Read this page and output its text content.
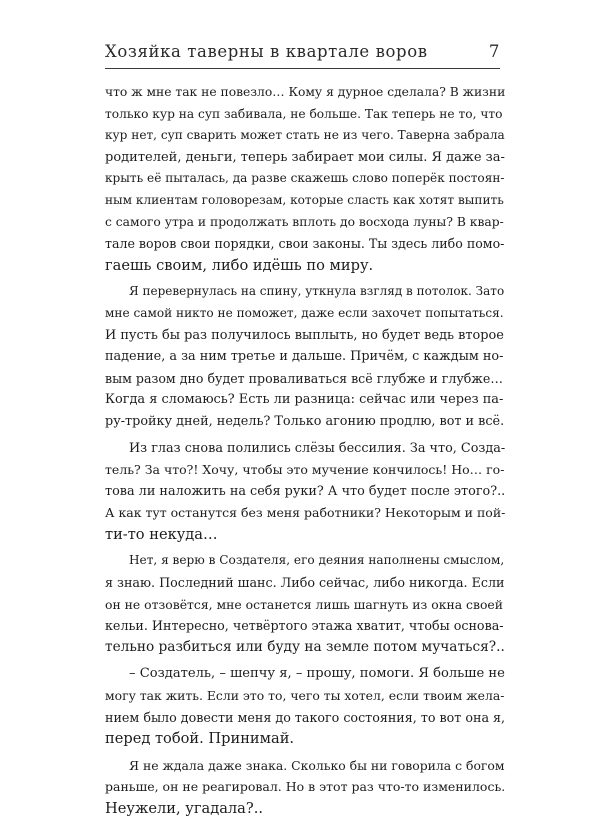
Хозяйка таверны в квартале воров	7

что ж мне так не повезло… Кому я дурное сделала? В жизни
только кур на суп забивала, не больше. Так теперь не то, что
кур нет, суп сварить может стать не из чего. Таверна забрала
родителей, деньги, теперь забирает мои силы. Я даже за-
крыть её пыталась, да разве скажешь слово поперёк постоян-
ным клиентам головорезам, которые сласть как хотят выпить
с самого утра и продолжать вплоть до восхода луны? В квар-
тале воров свои порядки, свои законы. Ты здесь либо помо-
гаешь своим, либо идёшь по миру.

Я перевернулась на спину, уткнула взгляд в потолок. Зато
мне самой никто не поможет, даже если захочет попытаться.
И пусть бы раз получилось выплыть, но будет ведь второе
падение, а за ним третье и дальше. Причём, с каждым но-
вым разом дно будет проваливаться всё глубже и глубже…
Когда я сломаюсь? Есть ли разница: сейчас или через па-
ру-тройку дней, недель? Только агонию продлю, вот и всё.

Из глаз снова полились слёзы бессилия. За что, Созда-
тель? За что?! Хочу, чтобы это мучение кончилось! Но… го-
това ли наложить на себя руки? А что будет после этого?..
А как тут останутся без меня работники? Некоторым и пой-
ти-то некуда…

Нет, я верю в Создателя, его деяния наполнены смыслом,
я знаю. Последний шанс. Либо сейчас, либо никогда. Если
он не отзовётся, мне останется лишь шагнуть из окна своей
кельи. Интересно, четвёртого этажа хватит, чтобы основа-
тельно разбиться или буду на земле потом мучаться?..

– Создатель, – шепчу я, – прошу, помоги. Я больше не
могу так жить. Если это то, чего ты хотел, если твоим жела-
нием было довести меня до такого состояния, то вот она я,
перед тобой. Принимай.

Я не ждала даже знака. Сколько бы ни говорила с богом
раньше, он не реагировал. Но в этот раз что-то изменилось.
Неужели, угадала?..
